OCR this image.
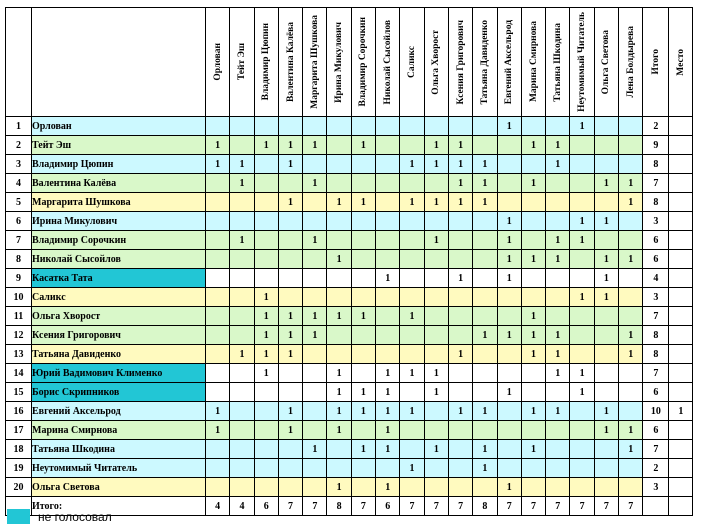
		Орлован	Тейт Эш	Владимир Цюпин	Валентина Калёва	Маргарита Шушкова	Ирина Микулович	Владимир Сорочкин	Николай Сысойлов	Саликс	Ольга Хворост	Ксения Григорович	Татьяна Давиденко	Евгений Аксельрод	Марина Смирнова	Татьяна Шкодина	Неутомимый Читатель	Ольга Светова	Лена Болдырева	Итого	Место

1	Орлован													1			1			2	
2	Тейт Эш	1		1	1	1		1			1	1			1	1				9	
3	Владимир Цюпин	1	1		1					1	1	1	1			1				8	
4	Валентина Калёва		1			1						1	1		1			1	1	7	
5	Маргарита Шушкова				1		1	1		1	1	1	1						1	8	
6	Ирина Микулович													1			1	1		3	
7	Владимир Сорочкин		1			1					1			1		1	1			6	
8	Николай Сысойлов						1							1	1	1		1	1	6	
9	Касатка Тата								1			1		1				1		4	
10	Саликс			1													1	1		3	
11	Ольга Хворост			1	1	1	1	1		1					1					7	
12	Ксения Григорович			1	1	1							1	1	1	1			1	8	
13	Татьяна Давиденко		1	1	1							1			1	1			1	8	
14	Юрий Вадимович Клименко			1			1		1	1	1					1	1			7	
15	Борис Скрипников						1	1	1		1			1			1			6	
16	Евгений Аксельрод	1			1		1	1	1	1		1	1		1	1		1		10	1
17	Марина Смирнова	1			1		1		1									1	1	6	
18	Татьяна Шкодина					1		1	1		1		1		1				1	7	
19	Неутомимый Читатель									1			1							2	
20	Ольга Светова						1		1					1						3	
	Итого:	4	4	6	7	7	8	7	6	7	7	7	8	7	7	7	7	7	7		
не голосовал
